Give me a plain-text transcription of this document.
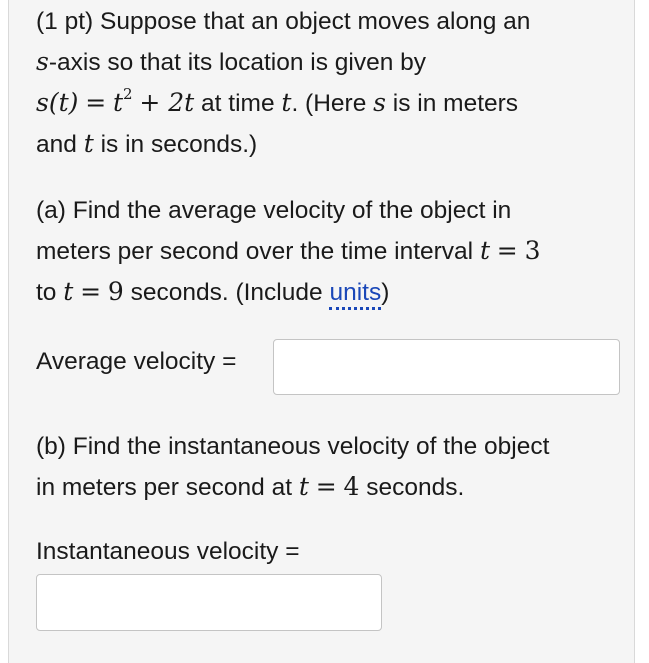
(1 pt) Suppose that an object moves along an
s-axis so that its location is given by
$s(t) = t^2 + 2t$ at time t. (Here s is in meters
and t is in seconds.)
(a) Find the average velocity of the object in
meters per second over the time interval t = 3
to t = 9 seconds. (Include units)
Average velocity =
(b) Find the instantaneous velocity of the object
in meters per second at t = 4 seconds.
Instantaneous velocity =
